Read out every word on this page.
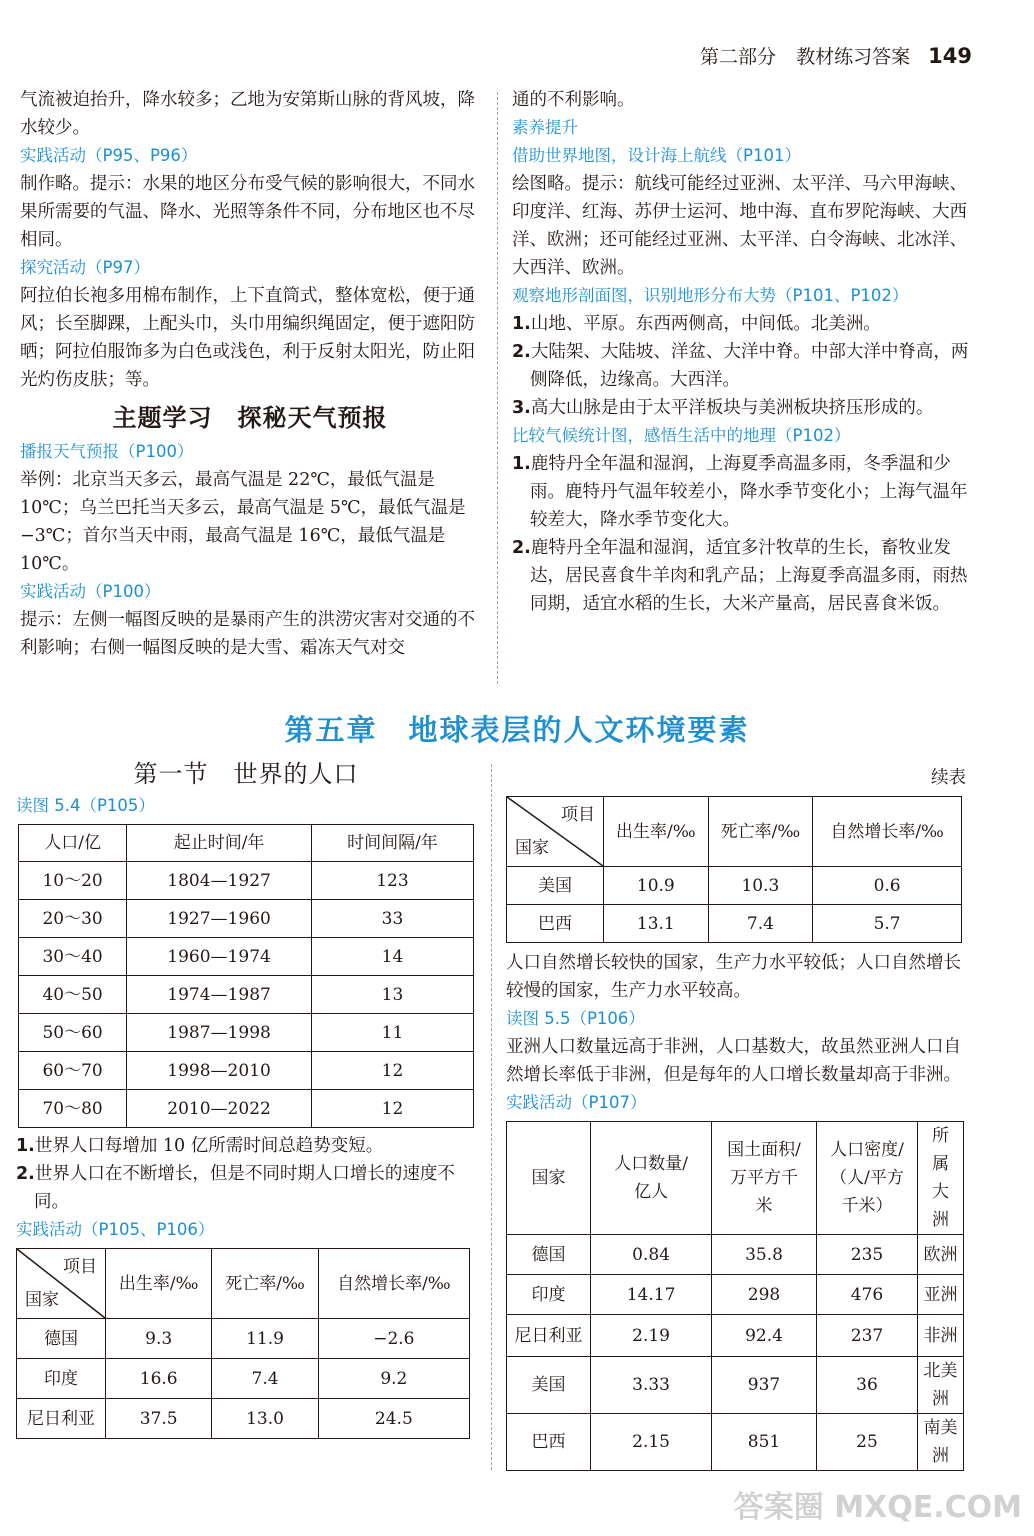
第二部分 教材练习答案 149

气流被迫抬升，降水较多；乙地为安第斯山脉的背风坡，降水较少。

实践活动（P95、P96）

制作略。提示：水果的地区分布受气候的影响很大，不同水果所需要的气温、降水、光照等条件不同，分布地区也不尽相同。

探究活动（P97）

阿拉伯长袍多用棉布制作，上下直筒式，整体宽松，便于通风；长至脚踝，上配头巾，头巾用编织绳固定，便于遮阳防晒；阿拉伯服饰多为白色或浅色，利于反射太阳光，防止阳光灼伤皮肤；等。

主题学习　探秘天气预报

播报天气预报（P100）

举例：北京当天多云，最高气温是 22℃，最低气温是 10℃；乌兰巴托当天多云，最高气温是 5℃，最低气温是 −3℃；首尔当天中雨，最高气温是 16℃，最低气温是 10℃。

实践活动（P100）

提示：左侧一幅图反映的是暴雨产生的洪涝灾害对交通的不利影响；右侧一幅图反映的是大雪、霜冻天气对交

通的不利影响。

素养提升

借助世界地图，设计海上航线（P101）

绘图略。提示：航线可能经过亚洲、太平洋、马六甲海峡、印度洋、红海、苏伊士运河、地中海、直布罗陀海峡、大西洋、欧洲；还可能经过亚洲、太平洋、白令海峡、北冰洋、大西洋、欧洲。

观察地形剖面图，识别地形分布大势（P101、P102）

1.山地、平原。东西两侧高，中间低。北美洲。
2.大陆架、大陆坡、洋盆、大洋中脊。中部大洋中脊高，两侧降低，边缘高。大西洋。
3.高大山脉是由于太平洋板块与美洲板块挤压形成的。

比较气候统计图，感悟生活中的地理（P102）

1.鹿特丹全年温和湿润，上海夏季高温多雨，冬季温和少雨。鹿特丹气温年较差小，降水季节变化小；上海气温年较差大，降水季节变化大。
2.鹿特丹全年温和湿润，适宜多汁牧草的生长，畜牧业发达，居民喜食牛羊肉和乳产品；上海夏季高温多雨，雨热同期，适宜水稻的生长，大米产量高，居民喜食米饭。
第五章　地球表层的人文环境要素
第一节　世界的人口

读图 5.4（P105）

人口/亿	起止时间/年	时间间隔/年
10～20	1804—1927	123
20～30	1927—1960	33
30～40	1960—1974	14
40～50	1974—1987	13
50～60	1987—1998	11
60～70	1998—2010	12
70～80	2010—2022	12
1.世界人口每增加 10 亿所需时间总趋势变短。
2.世界人口在不断增长，但是不同时期人口增长的速度不同。

实践活动（P105、P106）

项目
国家	出生率/‰	死亡率/‰	自然增长率/‰
德国	9.3	11.9	−2.6
印度	16.6	7.4	9.2
尼日利亚	37.5	13.0	24.5

续表

项目
国家	出生率/‰	死亡率/‰	自然增长率/‰
美国	10.9	10.3	0.6
巴西	13.1	7.4	5.7

人口自然增长较快的国家，生产力水平较低；人口自然增长较慢的国家，生产力水平较高。

读图 5.5（P106）

亚洲人口数量远高于非洲，人口基数大，故虽然亚洲人口自然增长率低于非洲，但是每年的人口增长数量却高于非洲。

实践活动（P107）

国家	人口数量/亿人	国土面积/万平方千米	人口密度/（人/平方千米）	所属大洲
德国	0.84	35.8	235	欧洲
印度	14.17	298	476	亚洲
尼日利亚	2.19	92.4	237	非洲
美国	3.33	937	36	北美洲
巴西	2.15	851	25	南美洲
答案圈 MXQE.COM
